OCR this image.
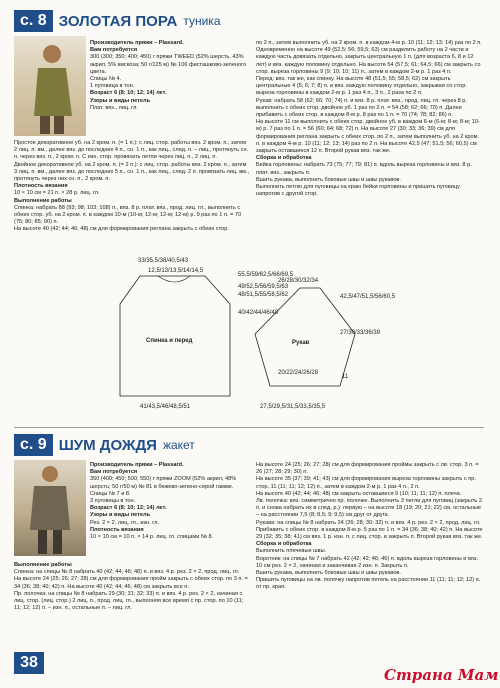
с. 8 ЗОЛОТАЯ ПОРА туника

Производитель пряжи – Plassard.

Вам потребуется

300 (300; 350; 400; 450) г пряжи TWEED (52% шерсть, 43% акрил, 5% вискоза; 50 г/125 м) № 106 фисташково-зеленого цвета.

Спицы № 4.

1 пуговица в тон.

Возраст 6 (8; 10; 12; 14) лет.

Узоры и виды петель

Плат. вяз., лиц. гл.

Простое декоративное уб. на 2 кром. п. (= 1 п.): с лиц. стор. работы вяз. 2 кром. п., затем 2 лиц. п. вм., далее вяз. до последних 4 п., сн. 1 п., как лиц., след. п. – лиц., протянуть сн. п. через вяз. п., 2 кром. п. С изн. стор. провязать петли через лиц. п., 2 лиц. п.

Двойное декоративное уб. на 2 кром. п. (= 2 п.): с лиц. стор. работы вяз. 2 кром. п., затем 3 лиц. п. вм., далее вяз. до последних 5 п., сн. 1 п., как лиц., след. 2 п. провязать лиц. вм., протянуть через них сн. п., 2 кром. п.

Плотность вязания

10 × 10 см = 21 п. × 28 р. лиц. гл.

Выполнение работы

Спинка: набрать 88 (93; 98; 103; 108) п., вяз. 8 р. плат. вяз., прод. лиц. гл., выполнить с обеих стор. уб. на 2 кром. п. в каждом 10-м (10-м; 12-м; 12-м; 12-м) р. 9 раз по 1 п. = 70 (75; 80; 85; 90) п.

На высоте 40 (42; 44; 46; 48) см для формирования реглана закрыть с обеих стор.

по 2 п., затем выполнить уб. на 2 кром. п. в каждом 4-м р. 10 (11; 12; 13; 14) раз по 2 п. Одновременно на высоте 49 (52,5; 56; 59,5; 63) см разделить работу на 2 части и каждую часть довязать отдельно, закрыть центральную 1 п. (для возраста 6, 8 и 12 лет) и вяз. каждую половину отдельно. На высоте 54 (57,5; 61; 64,5; 66) см закрыть со стор. выреза горловины 9 (9; 10; 10; 11) п., затем в каждом 2-м р. 1 раз 4 п.

Перед: вяз. так же, как спинку. На высоте 48 (51,5; 55; 58,5; 62) см закрыть центральные 4 (5; 6; 7; 8) п. и вяз. каждую половину отдельно, закрывая со стор. выреза горловины в каждом 2-м р. 1 раз 4 п., 3 п., 2 раза по 2 п.

Рукав: набрать 58 (62; 66; 70; 74) п. и вяз. 8 р. плат. вяз., прод. лиц. гл. через 8 р. выполнить с обеих стор. двойное уб. 1 раз по 2 п. = 54 (58; 62; 66; 70) п. Далее прибавить с обеих стор. в каждом 8-м р. 8 раз по 1 п. = 70 (74; 78; 82; 86) п.

На высоте 11 см выполнить с обеих стор. двойное уб. в каждом 6-м (6-м; 8-м; 8-м; 10-м) р. 7 раз по 1 п. = 56 (60; 64; 68; 72) п. На высоте 27 (30; 33; 36; 39) см для формирования реглана закрыть с обеих стор. по 2 п., затем выполнить уб. на 2 кром. п. в каждом 4-м р. 10 (11; 12; 13; 14) раз по 2 п. На высоте 42,5 (47; 51,5; 56; 60,5) см закрыть оставшиеся 12 п. Второй рукав вяз. так же.

Сборка и обработка

Бейка горловины: набрать 73 (75; 77; 79; 81) п. вдоль выреза горловины и вяз. 8 р. плат. вяз., закрыть п.

Вшить рукава, выполнить боковые швы и швы рукавов.

Выполнить петлю для пуговицы на краю бейки горловины и пришить пуговицу напротив с другой стор.

33/35,5/38/40,5/43
12,5/13/13,5/14/14,5
55,5/59/62,5/66/69,5
49/52,5/56/59,5/63
48/51,5/55/58,5/62
40/42/44/46/48
Спинка и перед
41/43,5/46/48,5/51
26/28/30/32/34
42,5/47/51,5/56/60,5
27/30/33/36/39
Рукав
20/22/24/26/28
11
27,5/29,5/31,5/33,5/35,5
с. 9 ШУМ ДОЖДЯ жакет

Производитель пряжи – Plassard.

Вам потребуется

350 (400; 450; 500; 550) г пряжи ZOOM (52% акрил, 48% шерсть; 50 г/50 м) № 81 в бежево-зелено-серой гамме.

Спицы № 7 и 8.

3 пуговицы в тон.

Возраст 6 (8; 10; 12; 14) лет.

Узоры и виды петель

Рез. 2 × 2, лиц. гл., изн. гл.

Плотность вязания

10 × 10 см = 10 п. × 14 р. лиц. гл. спицами № 8.

Выполнение работы

Спинка: на спицы № 8 набрать 40 (42; 44; 46; 48) п. и вяз. 4 р. рез. 2 × 2, прод. лиц. гл.

На высоте 24 (25; 26; 27; 28) см для формирования пройм закрыть с обеих стор. по 3 п. = 34 (36; 38; 40; 42) п. На высоте 40 (42; 44; 46; 48) см закрыть все п.

Пр. полочка: на спицы № 8 набрать 29 (30; 31; 32; 33) п. и вяз. 4 р. рез. 2 × 2, начиная с лиц. стор. (лиц. стор.) 2 лиц. п., прод. лиц. гл., выполняя все время с пр. стор. по 10 (11; 11; 12; 12) п. – изн. п., остальные п. – лиц. гл.

На высоте 24 (25; 26; 27; 28) см для формирования проймы закрыть с лв. стор. 3 п. = 26 (27; 28; 29; 30) п.

На высоте 35 (37; 39; 41; 43) см для формирования выреза горловины закрыть с пр. стор. 11 (11; 11; 12; 12) п., затем в каждом 2-м р. 1 раз 4 п., 2 п.

На высоте 40 (42; 44; 46; 48) см закрыть оставшиеся 9 (10; 11; 11; 12) п. плеча.

Лв. полочка: вяз. симметрично пр. полочке. Выполнить 3 петли для пуговиц (закрыть 2 п. и снова набрать их в след. р.): первую – на высоте 18 (19; 20; 21; 22) см, остальные – на расстоянии 7,5 (8; 8,5; 9; 9,5) см друг от друга.

Рукава: на спицы № 8 набрать 24 (26; 28; 30; 32) п. и вяз. 4 р. рез. 2 × 2, прод. лиц. гл. Прибавить с обеих стор. в каждом 8-м р. 5 раз по 1 п. = 34 (36; 38; 40; 42) п. На высоте 29 (32; 35; 38; 41) см вяз. 1 р. изн. п. с лиц. стор. и закрыть п. Второй рукав вяз. так же.

Сборка и обработка

Выполнить плечевые швы.

Воротник: на спицы № 7 набрать 42 (42; 42; 46; 46) п. вдоль выреза горловины и вяз. 10 см рез. 2 × 2, начиная и заканчивая 2 изн. п. Закрыть п.

Вшить рукава, выполнить боковые швы и швы рукавов.

Пришить пуговицы на лв. полочку напротив петель на расстоянии 11 (11; 11; 12; 12) п. от пр. края.

38
Страна Мам
